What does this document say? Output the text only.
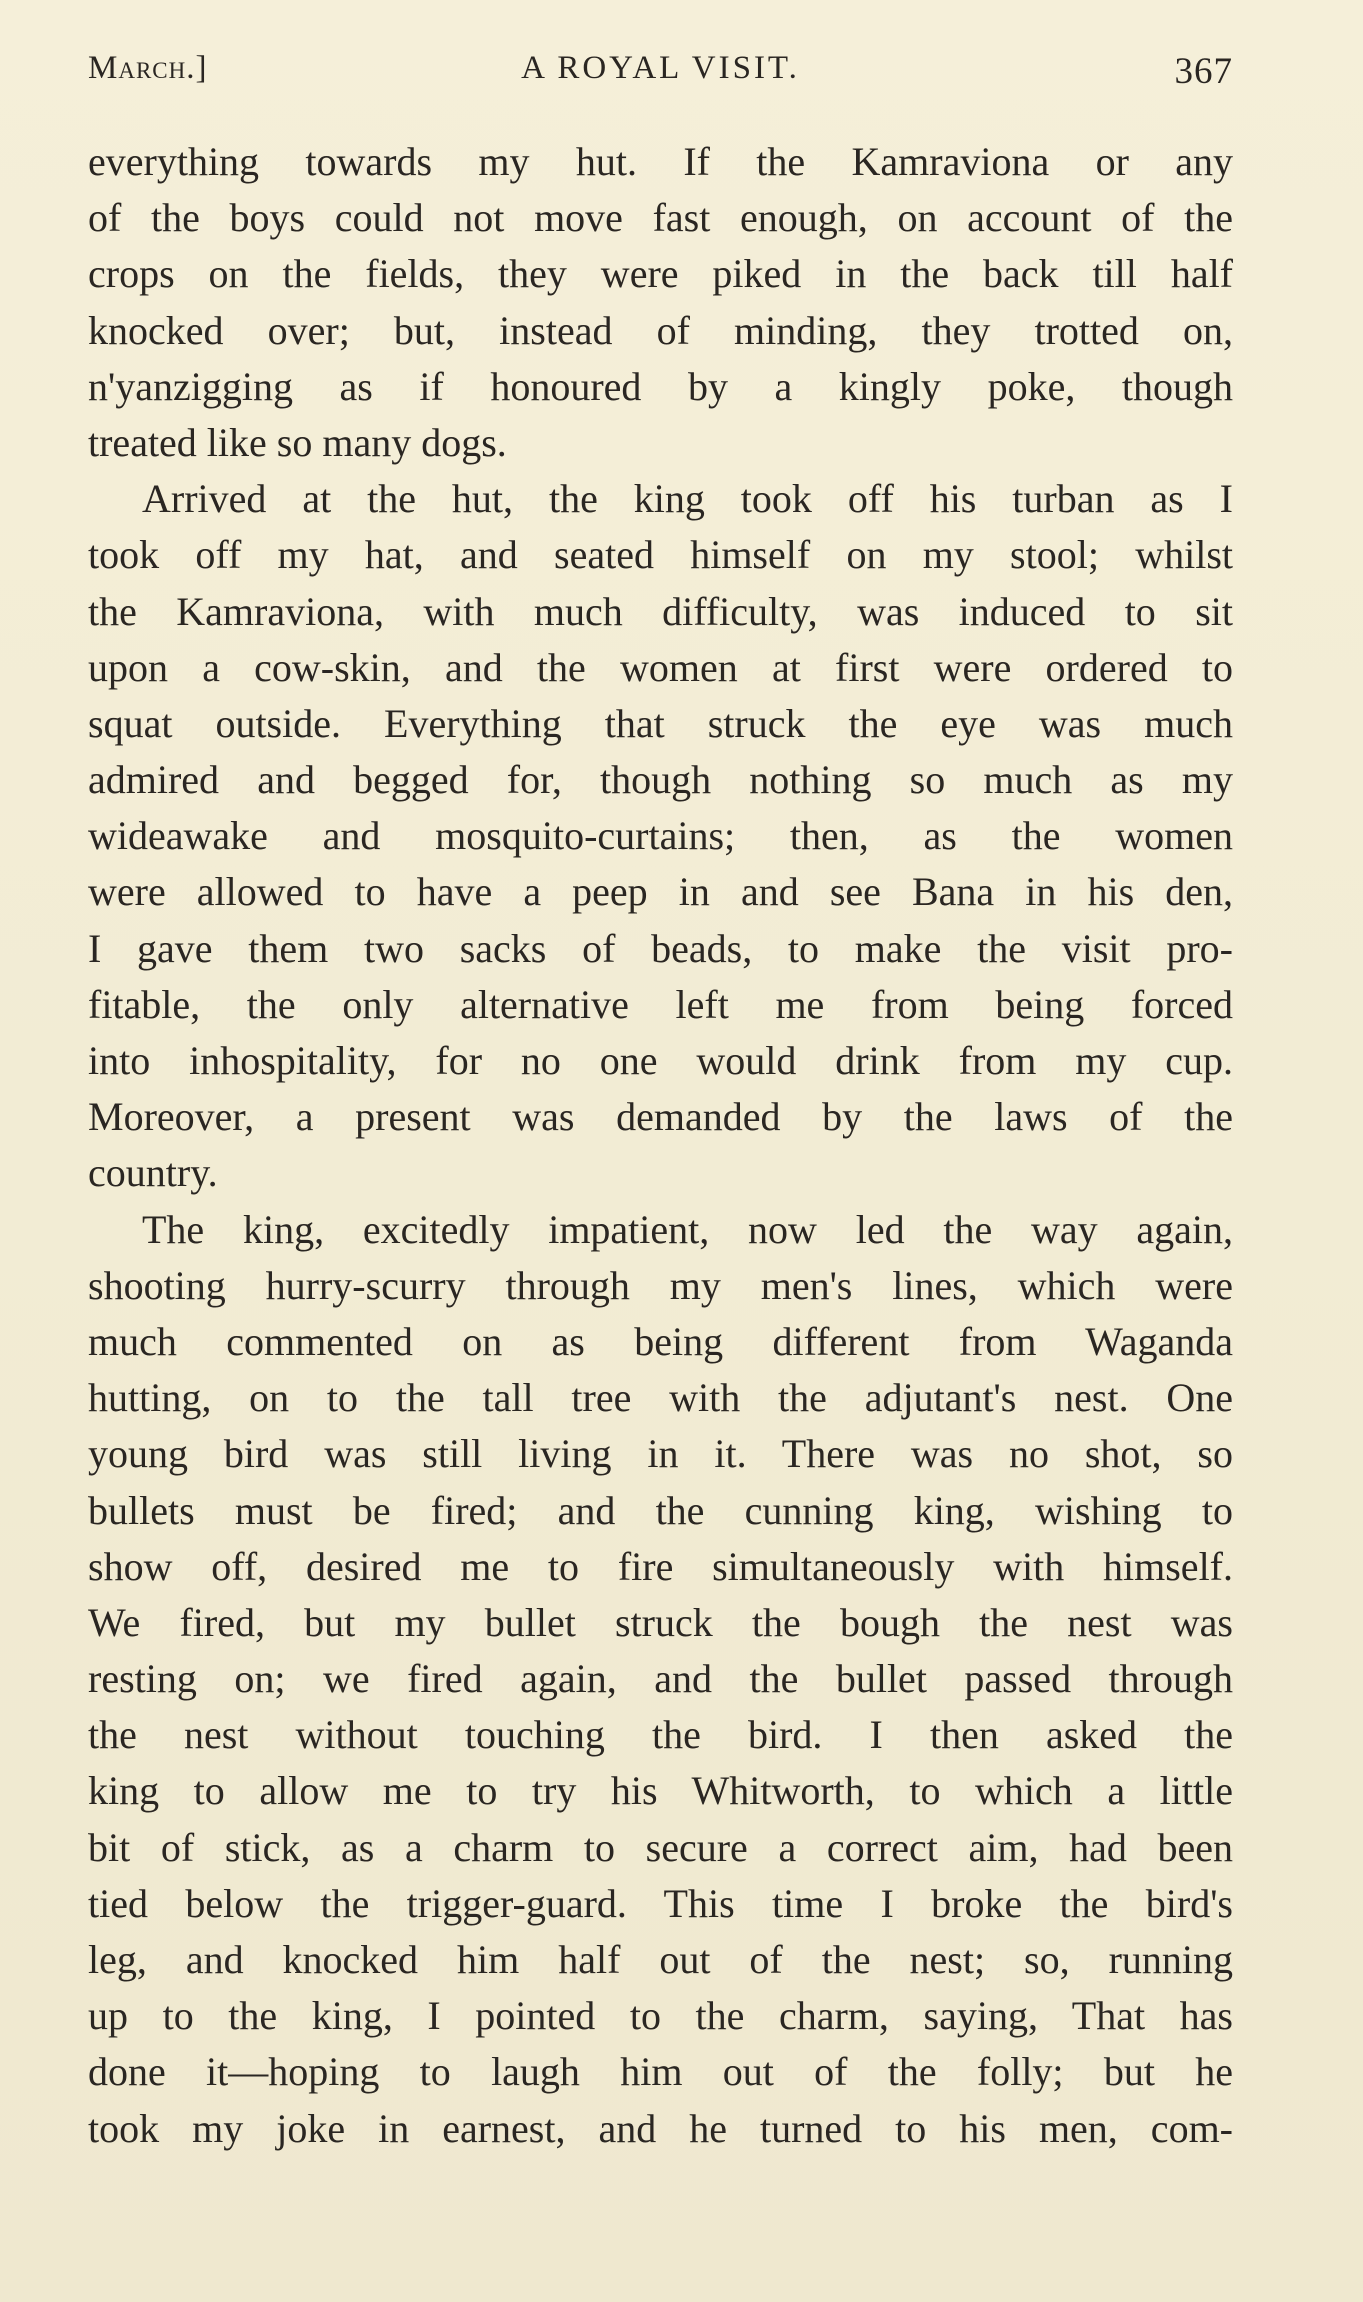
March.]	A ROYAL VISIT.	367
everything towards my hut. If the Kamraviona or any
of the boys could not move fast enough, on account of the
crops on the fields, they were piked in the back till half
knocked over; but, instead of minding, they trotted on,
n'yanzigging as if honoured by a kingly poke, though
treated like so many dogs.
Arrived at the hut, the king took off his turban as I
took off my hat, and seated himself on my stool; whilst
the Kamraviona, with much difficulty, was induced to sit
upon a cow-skin, and the women at first were ordered to
squat outside. Everything that struck the eye was much
admired and begged for, though nothing so much as my
wideawake and mosquito-curtains; then, as the women
were allowed to have a peep in and see Bana in his den,
I gave them two sacks of beads, to make the visit pro-
fitable, the only alternative left me from being forced
into inhospitality, for no one would drink from my cup.
Moreover, a present was demanded by the laws of the
country.
The king, excitedly impatient, now led the way again,
shooting hurry-scurry through my men's lines, which were
much commented on as being different from Waganda
hutting, on to the tall tree with the adjutant's nest. One
young bird was still living in it. There was no shot, so
bullets must be fired; and the cunning king, wishing to
show off, desired me to fire simultaneously with himself.
We fired, but my bullet struck the bough the nest was
resting on; we fired again, and the bullet passed through
the nest without touching the bird. I then asked the
king to allow me to try his Whitworth, to which a little
bit of stick, as a charm to secure a correct aim, had been
tied below the trigger-guard. This time I broke the bird's
leg, and knocked him half out of the nest; so, running
up to the king, I pointed to the charm, saying, That has
done it—hoping to laugh him out of the folly; but he
took my joke in earnest, and he turned to his men, com-
